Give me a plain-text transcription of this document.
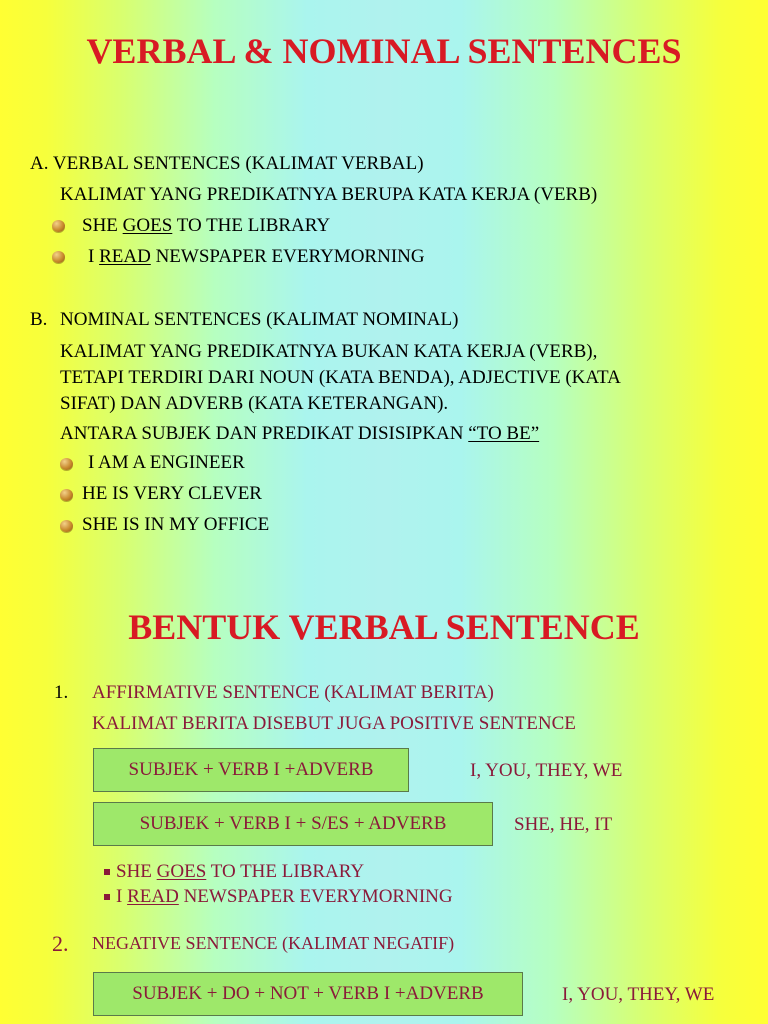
VERBAL & NOMINAL SENTENCES
A. VERBAL SENTENCES (KALIMAT VERBAL)
KALIMAT YANG PREDIKATNYA BERUPA KATA KERJA (VERB)
SHE GOES TO THE LIBRARY
I READ NEWSPAPER EVERYMORNING
B. NOMINAL SENTENCES (KALIMAT NOMINAL)
KALIMAT YANG PREDIKATNYA BUKAN KATA KERJA (VERB),
TETAPI TERDIRI DARI NOUN (KATA BENDA), ADJECTIVE (KATA
SIFAT) DAN ADVERB (KATA KETERANGAN).
ANTARA SUBJEK DAN PREDIKAT DISISIPKAN “TO BE”
I AM A ENGINEER
HE IS VERY CLEVER
SHE IS IN MY OFFICE
BENTUK VERBAL SENTENCE
1. AFFIRMATIVE SENTENCE (KALIMAT BERITA)
KALIMAT BERITA DISEBUT JUGA POSITIVE SENTENCE
SUBJEK + VERB I +ADVERB	I, YOU, THEY, WE
SUBJEK + VERB I + S/ES + ADVERB	SHE, HE, IT
SHE GOES TO THE LIBRARY
I READ NEWSPAPER EVERYMORNING
2. NEGATIVE SENTENCE (KALIMAT NEGATIF)
SUBJEK + DO + NOT + VERB I +ADVERB	I, YOU, THEY, WE
